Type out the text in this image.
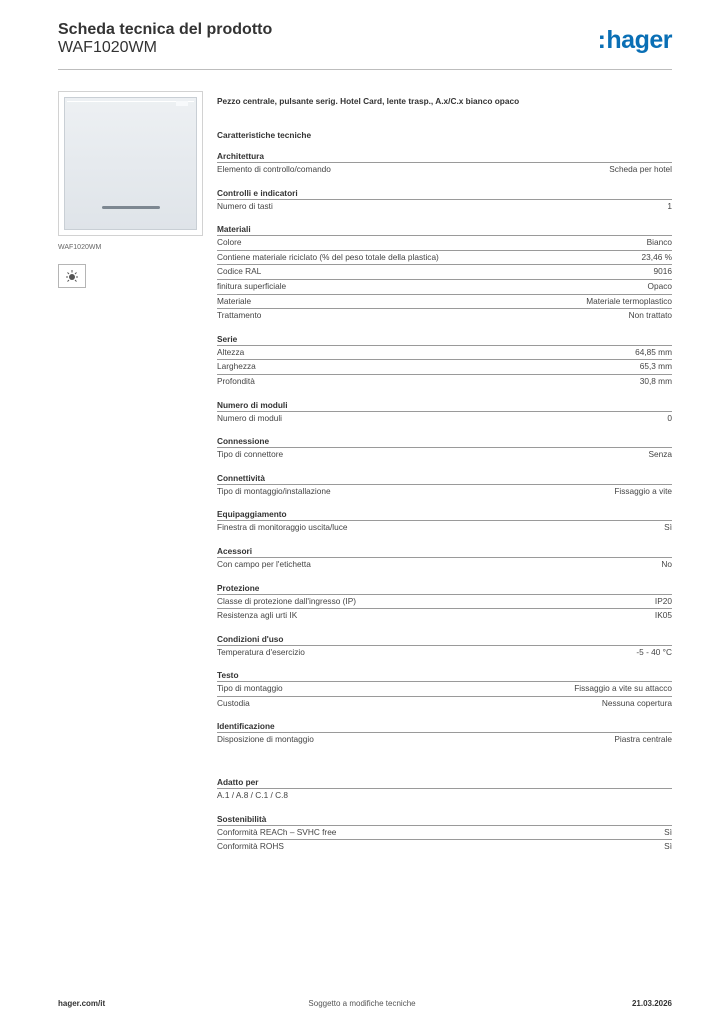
Scheda tecnica del prodotto
WAF1020WM	:hager
WAF1020WM
Pezzo centrale, pulsante serig. Hotel Card, lente trasp., A.x/C.x bianco opaco
Caratteristiche tecniche
Architettura
Elemento di controllo/comando	Scheda per hotel
Controlli e indicatori
Numero di tasti	1
Materiali
Colore	Bianco
Contiene materiale riciclato (% del peso totale della plastica)	23,46 %
Codice RAL	9016
finitura superficiale	Opaco
Materiale	Materiale termoplastico
Trattamento	Non trattato
Serie
Altezza	64,85 mm
Larghezza	65,3 mm
Profondità	30,8 mm
Numero di moduli
Numero di moduli	0
Connessione
Tipo di connettore	Senza
Connettività
Tipo di montaggio/installazione	Fissaggio a vite
Equipaggiamento
Finestra di monitoraggio uscita/luce	Sì
Acessori
Con campo per l'etichetta	No
Protezione
Classe di protezione dall'ingresso (IP)	IP20
Resistenza agli urti IK	IK05
Condizioni d'uso
Temperatura d'esercizio	-5 - 40 °C
Testo
Tipo di montaggio	Fissaggio a vite su attacco
Custodia	Nessuna copertura
Identificazione
Disposizione di montaggio	Piastra centrale
Adatto per
A.1 / A.8 / C.1 / C.8
Sostenibilità
Conformità REACh – SVHC free	Sì
Conformità ROHS	Sì
Soggetto a modifiche tecniche
hager.com/it	21.03.2026
